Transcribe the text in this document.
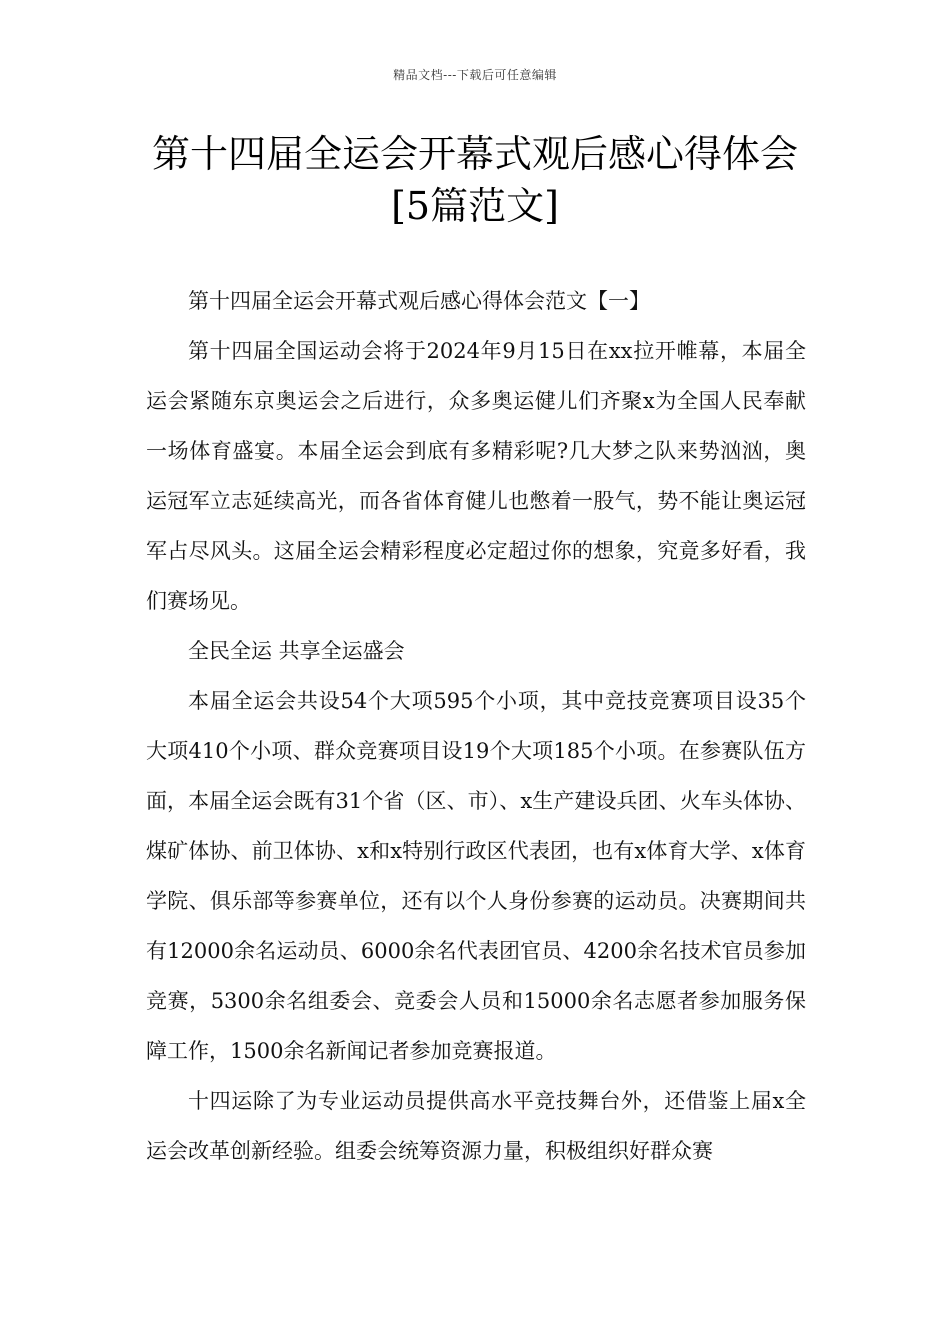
精品文档---下载后可任意编辑
第十四届全运会开幕式观后感心得体会
[5篇范文]

第十四届全运会开幕式观后感心得体会范文【一】

第十四届全国运动会将于2024年9月15日在xx拉开帷幕，本届全运会紧随东京奥运会之后进行，众多奥运健儿们齐聚x为全国人民奉献一场体育盛宴。本届全运会到底有多精彩呢?几大梦之队来势汹汹，奥运冠军立志延续高光，而各省体育健儿也憋着一股气，势不能让奥运冠军占尽风头。这届全运会精彩程度必定超过你的想象，究竟多好看，我们赛场见。

全民全运 共享全运盛会

本届全运会共设54个大项595个小项，其中竞技竞赛项目设35个大项410个小项、群众竞赛项目设19个大项185个小项。在参赛队伍方面，本届全运会既有31个省（区、市）、x生产建设兵团、火车头体协、煤矿体协、前卫体协、x和x特别行政区代表团，也有x体育大学、x体育学院、俱乐部等参赛单位，还有以个人身份参赛的运动员。决赛期间共有12000余名运动员、6000余名代表团官员、4200余名技术官员参加竞赛，5300余名组委会、竞委会人员和15000余名志愿者参加服务保障工作，1500余名新闻记者参加竞赛报道。

十四运除了为专业运动员提供高水平竞技舞台外，还借鉴上届x全运会改革创新经验。组委会统筹资源力量，积极组织好群众赛
